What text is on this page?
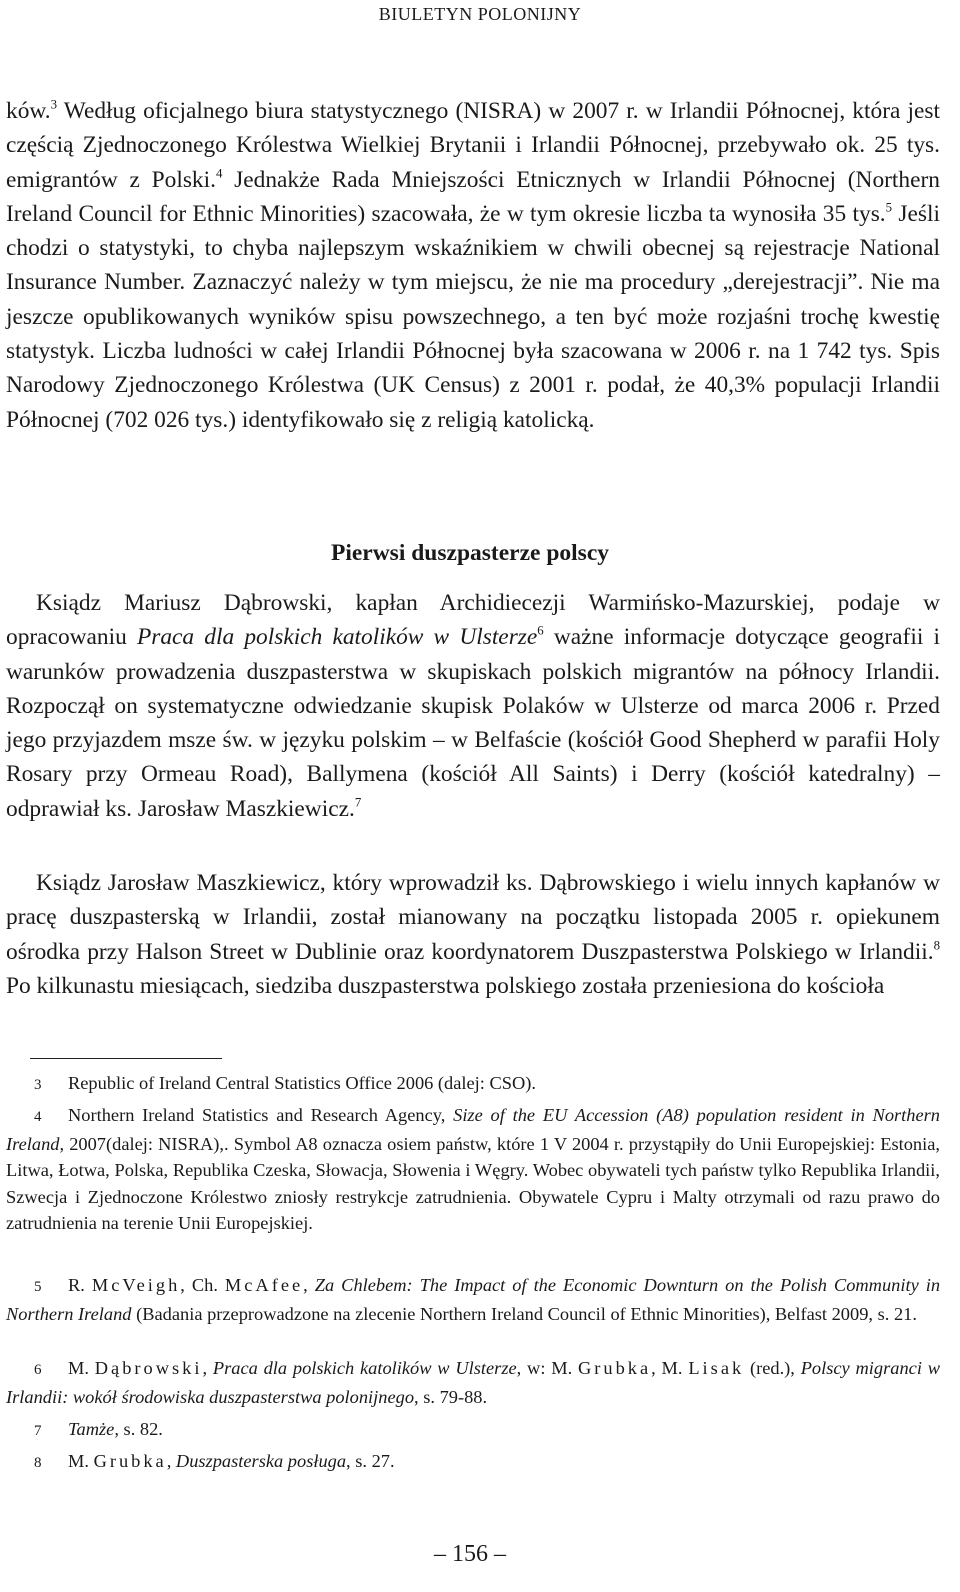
BIULETYN POLONIJNY

ków.$^3$ Według oficjalnego biura statystycznego (NISRA) w 2007 r. w Irlandii Północnej, która jest częścią Zjednoczonego Królestwa Wielkiej Brytanii i Irlandii Północnej, przebywało ok. 25 tys. emigrantów z Polski.$^4$ Jednakże Rada Mniejszości Etnicznych w Irlandii Północnej (Northern Ireland Council for Ethnic Minorities) szacowała, że w tym okresie liczba ta wynosiła 35 tys.$^5$ Jeśli chodzi o statystyki, to chyba najlepszym wskaźnikiem w chwili obecnej są rejestracje National Insurance Number. Zaznaczyć należy w tym miejscu, że nie ma procedury „derejestracji”. Nie ma jeszcze opublikowanych wyników spisu powszechnego, a ten być może rozjaśni trochę kwestię statystyk. Liczba ludności w całej Irlandii Północnej była szacowana w 2006 r. na 1 742 tys. Spis Narodowy Zjednoczonego Królestwa (UK Census) z 2001 r. podał, że 40,3% populacji Irlandii Północnej (702 026 tys.) identyfikowało się z religią katolicką.

Pierwsi duszpasterze polscy

Ksiądz Mariusz Dąbrowski, kapłan Archidiecezji Warmińsko-Mazurskiej, podaje w opracowaniu Praca dla polskich katolików w Ulsterze$^6$ ważne informacje dotyczące geografii i warunków prowadzenia duszpasterstwa w skupiskach polskich migrantów na północy Irlandii. Rozpoczął on systematyczne odwiedzanie skupisk Polaków w Ulsterze od marca 2006 r. Przed jego przyjazdem msze św. w języku polskim – w Belfaście (kościół Good Shepherd w parafii Holy Rosary przy Ormeau Road), Ballymena (kościół All Saints) i Derry (kościół katedralny) – odprawiał ks. Jarosław Maszkiewicz.$^7$

Ksiądz Jarosław Maszkiewicz, który wprowadził ks. Dąbrowskiego i wielu innych kapłanów w pracę duszpasterską w Irlandii, został mianowany na początku listopada 2005 r. opiekunem ośrodka przy Halson Street w Dublinie oraz koordynatorem Duszpasterstwa Polskiego w Irlandii.$^8$ Po kilkunastu miesiącach, siedziba duszpasterstwa polskiego została przeniesiona do kościoła

3 Republic of Ireland Central Statistics Office 2006 (dalej: CSO).

4 Northern Ireland Statistics and Research Agency, Size of the EU Accession (A8) population resident in Northern Ireland, 2007(dalej: NISRA),. Symbol A8 oznacza osiem państw, które 1 V 2004 r. przystąpiły do Unii Europejskiej: Estonia, Litwa, Łotwa, Polska, Republika Czeska, Słowacja, Słowenia i Węgry. Wobec obywateli tych państw tylko Republika Irlandii, Szwecja i Zjednoczone Królestwo zniosły restrykcje zatrudnienia. Obywatele Cypru i Malty otrzymali od razu prawo do zatrudnienia na terenie Unii Europejskiej.

5 R. McVeigh, Ch. McAfee, Za Chlebem: The Impact of the Economic Downturn on the Polish Community in Northern Ireland (Badania przeprowadzone na zlecenie Northern Ireland Council of Ethnic Minorities), Belfast 2009, s. 21.

6 M. Dąbrowski, Praca dla polskich katolików w Ulsterze, w: M. Grubka, M. Lisak (red.), Polscy migranci w Irlandii: wokół środowiska duszpasterstwa polonijnego, s. 79-88.

7 Tamże, s. 82.

8 M. Grubka, Duszpasterska posługa, s. 27.

– 156 –
